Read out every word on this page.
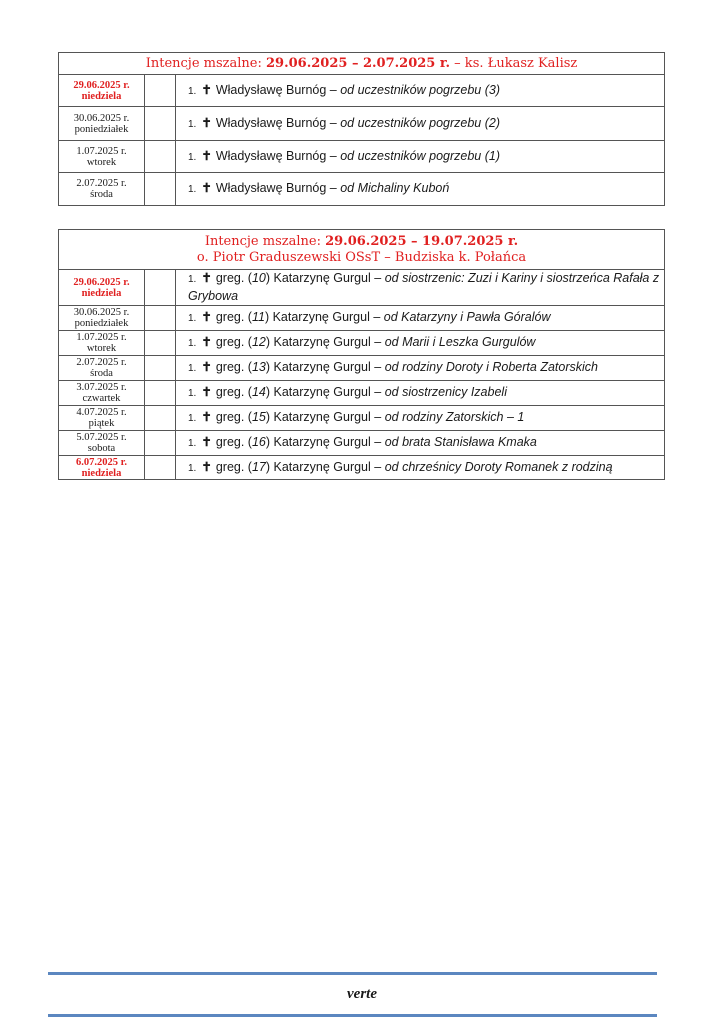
Intencje mszalne: 29.06.2025 – 2.07.2025 r. – ks. Łukasz Kalisz		
29.06.2025 r.
niedziela		1. ✝ Władysławę Burnóg – od uczestników pogrzebu (3)
30.06.2025 r.
poniedziałek		1. ✝ Władysławę Burnóg – od uczestników pogrzebu (2)
1.07.2025 r.
wtorek		1. ✝ Władysławę Burnóg – od uczestników pogrzebu (1)
2.07.2025 r.
środa		1. ✝ Władysławę Burnóg – od Michaliny Kuboń
Intencje mszalne: 29.06.2025 – 19.07.2025 r.
o. Piotr Graduszewski OSsT – Budziska k. Połańca		
29.06.2025 r.
niedziela		1. ✝ greg. (10) Katarzynę Gurgul – od siostrzenic: Zuzi i Kariny i siostrzeńca Rafała z Grybowa
30.06.2025 r.
poniedziałek		1. ✝ greg. (11) Katarzynę Gurgul – od Katarzyny i Pawła Góralów
1.07.2025 r.
wtorek		1. ✝ greg. (12) Katarzynę Gurgul – od Marii i Leszka Gurgulów
2.07.2025 r.
środa		1. ✝ greg. (13) Katarzynę Gurgul – od rodziny Doroty i Roberta Zatorskich
3.07.2025 r.
czwartek		1. ✝ greg. (14) Katarzynę Gurgul – od siostrzenicy Izabeli
4.07.2025 r.
piątek		1. ✝ greg. (15) Katarzynę Gurgul – od rodziny Zatorskich – 1
5.07.2025 r.
sobota		1. ✝ greg. (16) Katarzynę Gurgul – od brata Stanisława Kmaka
6.07.2025 r.
niedziela		1. ✝ greg. (17) Katarzynę Gurgul – od chrześnicy Doroty Romanek z rodziną
verte
